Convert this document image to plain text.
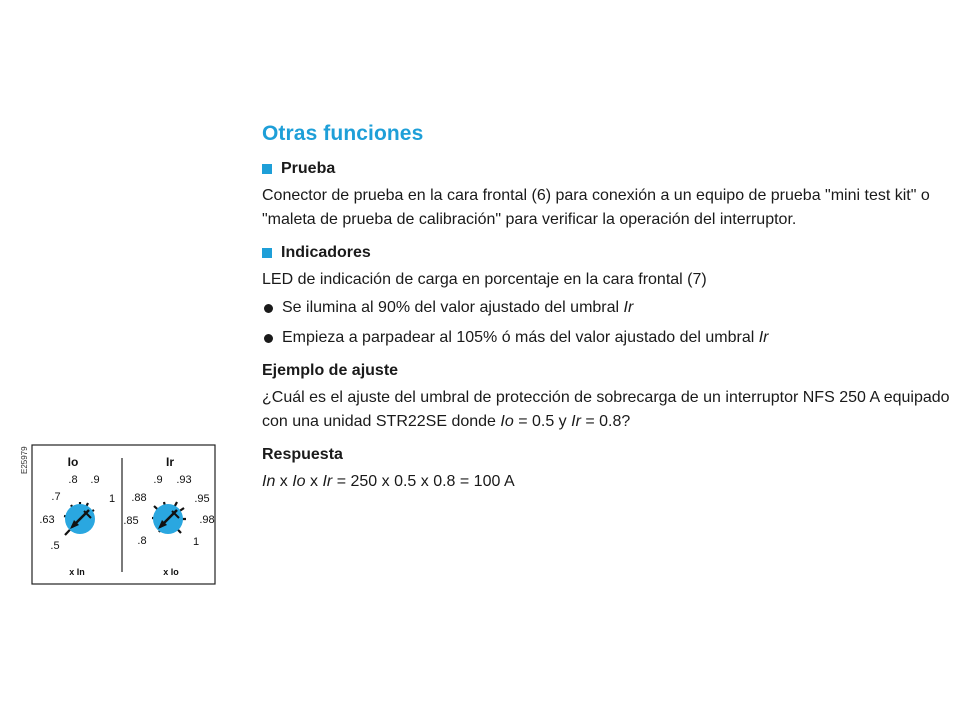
Otras funciones
Prueba

Conector de prueba en la cara frontal (6) para conexión a un equipo de prueba "mini test kit" o "maleta de prueba de calibración" para verificar la operación del interruptor.

Indicadores

LED de indicación de carga en porcentaje en la cara frontal (7)

Se ilumina al 90% del valor ajustado del umbral Ir
Empieza a parpadear al 105% ó más del valor ajustado del umbral Ir
Ejemplo de ajuste

¿Cuál es el ajuste del umbral de protección de sobrecarga de un interruptor NFS 250 A equipado con una unidad STR22SE donde Io = 0.5 y Ir = 0.8?

Respuesta
In x Io x Ir = 250 x 0.5 x 0.8 = 100 A
E25979	Io
.5
.63
.7
.8 .9
1
x In
Ir
.8
.85
.88
.9 .93
.95
.98
1
x Io
